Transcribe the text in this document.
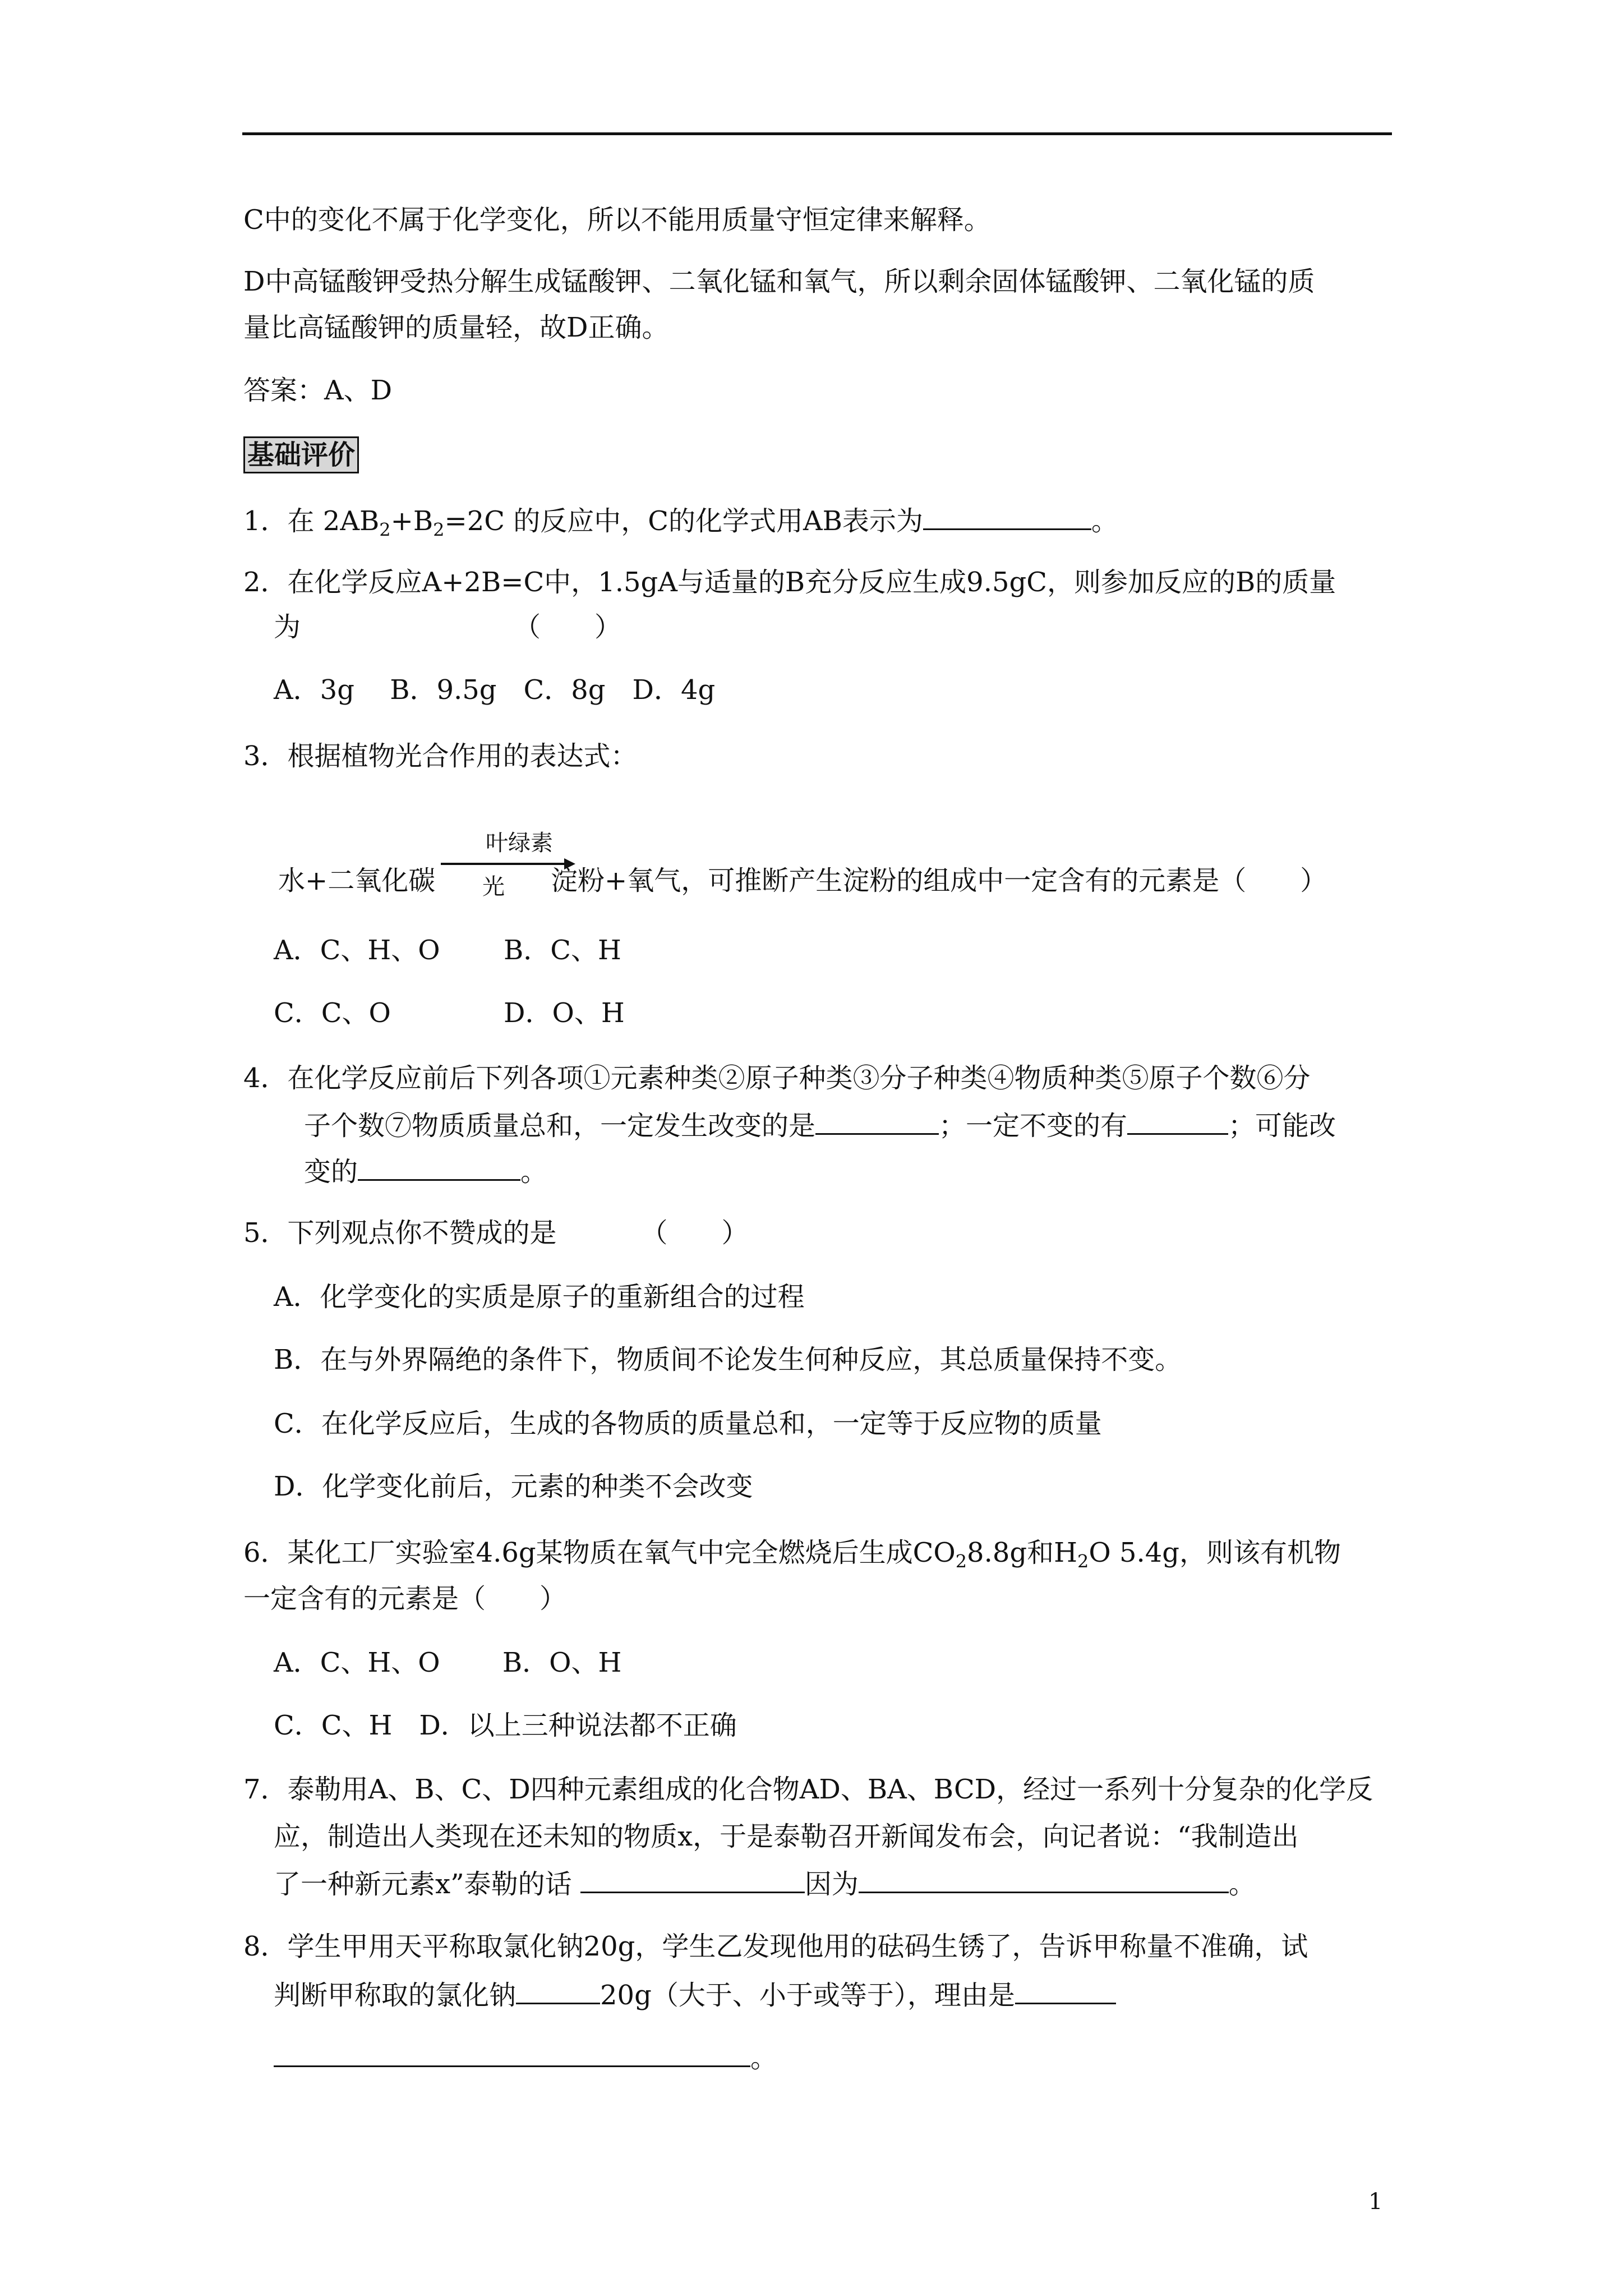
C中的变化不属于化学变化，所以不能用质量守恒定律来解释。
D中高锰酸钾受热分解生成锰酸钾、二氧化锰和氧气，所以剩余固体锰酸钾、二氧化锰的质
量比高锰酸钾的质量轻，故D正确。
答案：A、D
基础评价
1．在 $2AB_2+B_2=2C$ 的反应中，C的化学式用AB表示为	。
2．在化学反应A+2B=C中，1.5gA与适量的B充分反应生成9.5gC，则参加反应的B的质量
为	（　　）
A．3g　 B．9.5g　C．8g　D．4g
3．根据植物光合作用的表达式：
叶绿素
水+二氧化碳 光 淀粉+氧气，可推断产生淀粉的组成中一定含有的元素是（　　）
A．C、H、O	B．C、H
C．C、O	D．O、H
4．在化学反应前后下列各项①元素种类②原子种类③分子种类④物质种类⑤原子个数⑥分
子个数⑦物质质量总和，一定发生改变的是	；一定不变的有	；可能改
变的	。
5．下列观点你不赞成的是	（　　）
A．化学变化的实质是原子的重新组合的过程
B．在与外界隔绝的条件下，物质间不论发生何种反应，其总质量保持不变。
C．在化学反应后，生成的各物质的质量总和，一定等于反应物的质量
D．化学变化前后，元素的种类不会改变
6．某化工厂实验室4.6g某物质在氧气中完全燃烧后生成$CO_28.8g$和$H_2O$ 5.4g，则该有机物
一定含有的元素是（　　）
A．C、H、O　　 B．O、H
C．C、H　D．以上三种说法都不正确
7．泰勒用A、B、C、D四种元素组成的化合物AD、BA、BCD，经过一系列十分复杂的化学反
应，制造出人类现在还未知的物质x，于是泰勒召开新闻发布会，向记者说：“我制造出
了一种新元素x”泰勒的话	因为	。
8．学生甲用天平称取氯化钠20g，学生乙发现他用的砝码生锈了，告诉甲称量不准确，试
判断甲称取的氯化钠	20g（大于、小于或等于），理由是
。
1
